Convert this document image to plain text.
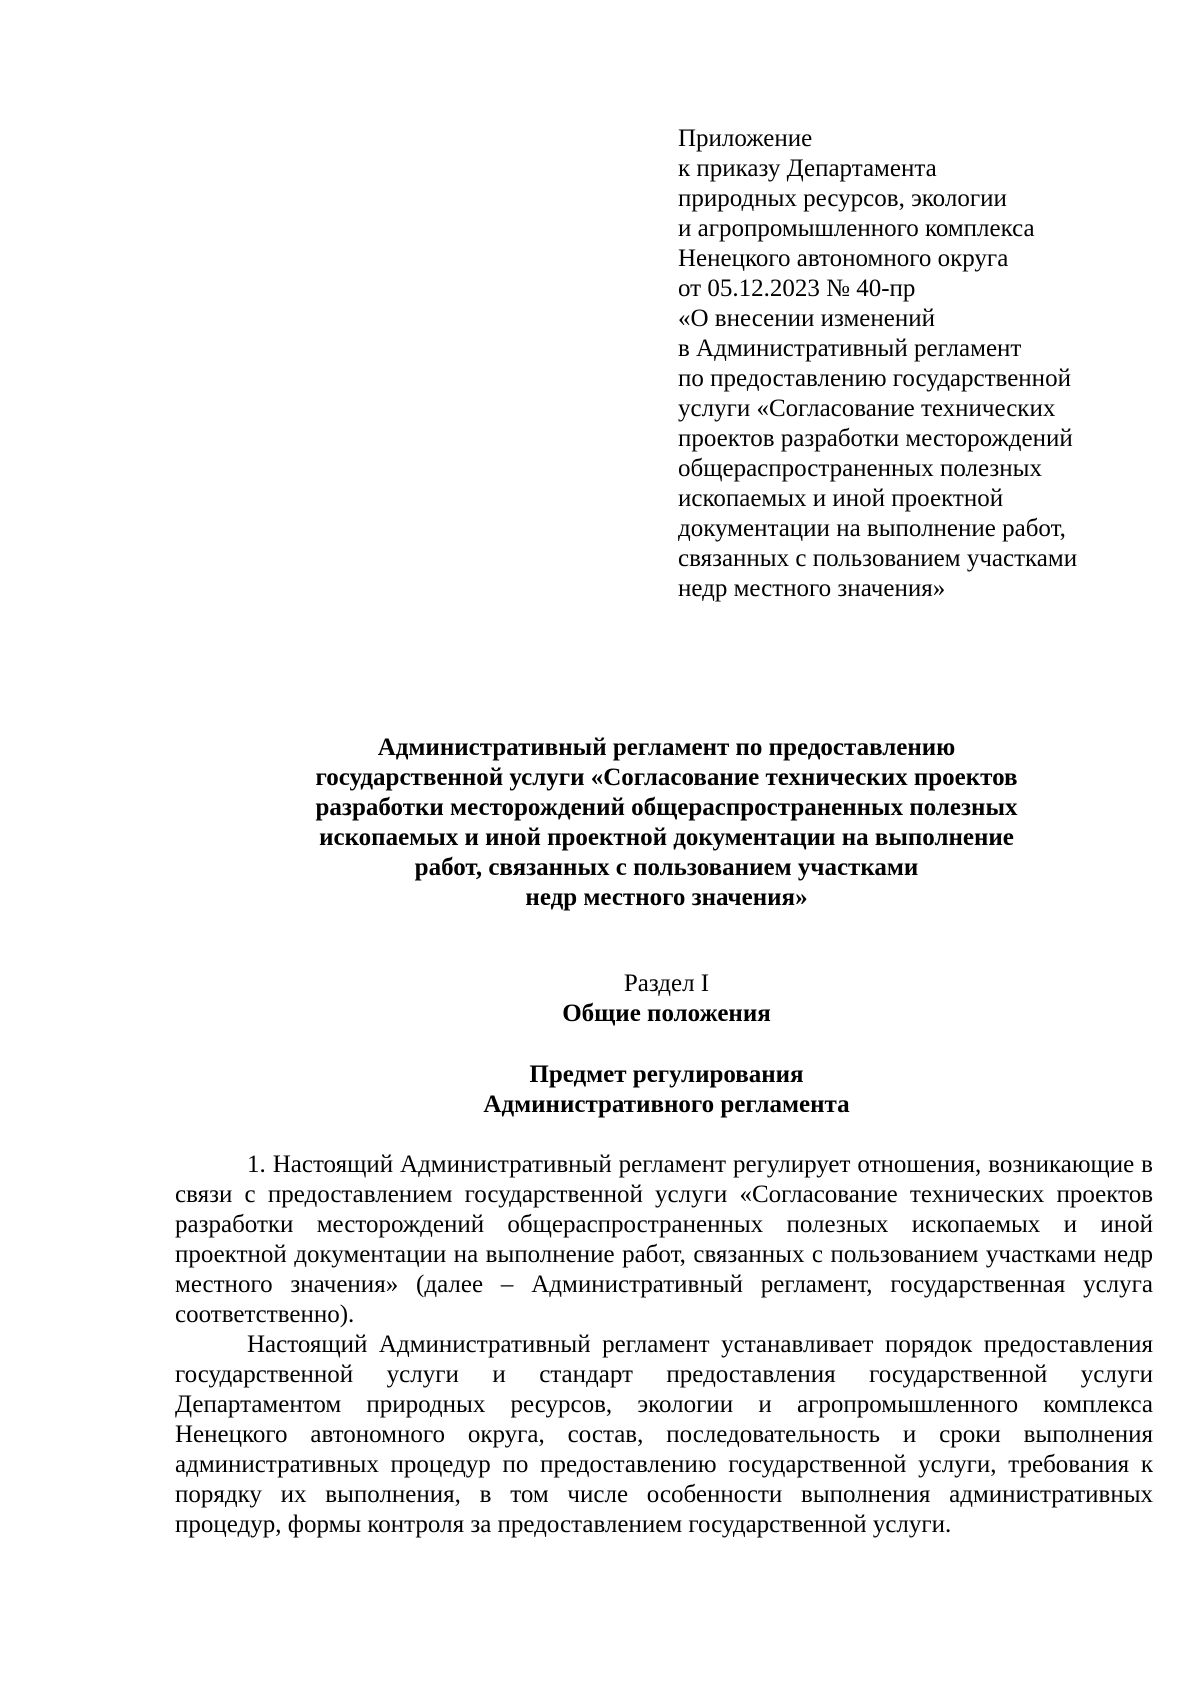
Приложение
к приказу Департамента
природных ресурсов, экологии
и агропромышленного комплекса
Ненецкого автономного округа
от 05.12.2023 № 40-пр
«О внесении изменений
в Административный регламент
по предоставлению государственной
услуги «Согласование технических
проектов разработки месторождений
общераспространенных полезных
ископаемых и иной проектной
документации на выполнение работ,
связанных с пользованием участками
недр местного значения»
Административный регламент по предоставлению
государственной услуги «Согласование технических проектов
разработки месторождений общераспространенных полезных
ископаемых и иной проектной документации на выполнение
работ, связанных с пользованием участками
недр местного значения»
Раздел I
Общие положения
Предмет регулирования
Административного регламента

1. Настоящий Административный регламент регулирует отношения, возникающие в связи с предоставлением государственной услуги «Согласование технических проектов разработки месторождений общераспространенных полезных ископаемых и иной проектной документации на выполнение работ, связанных с пользованием участками недр местного значения» (далее – Административный регламент, государственная услуга соответственно).

Настоящий Административный регламент устанавливает порядок предоставления государственной услуги и стандарт предоставления государственной услуги Департаментом природных ресурсов, экологии и агропромышленного комплекса Ненецкого автономного округа, состав, последовательность и сроки выполнения административных процедур по предоставлению государственной услуги, требования к порядку их выполнения, в том числе особенности выполнения административных процедур, формы контроля за предоставлением государственной услуги.
